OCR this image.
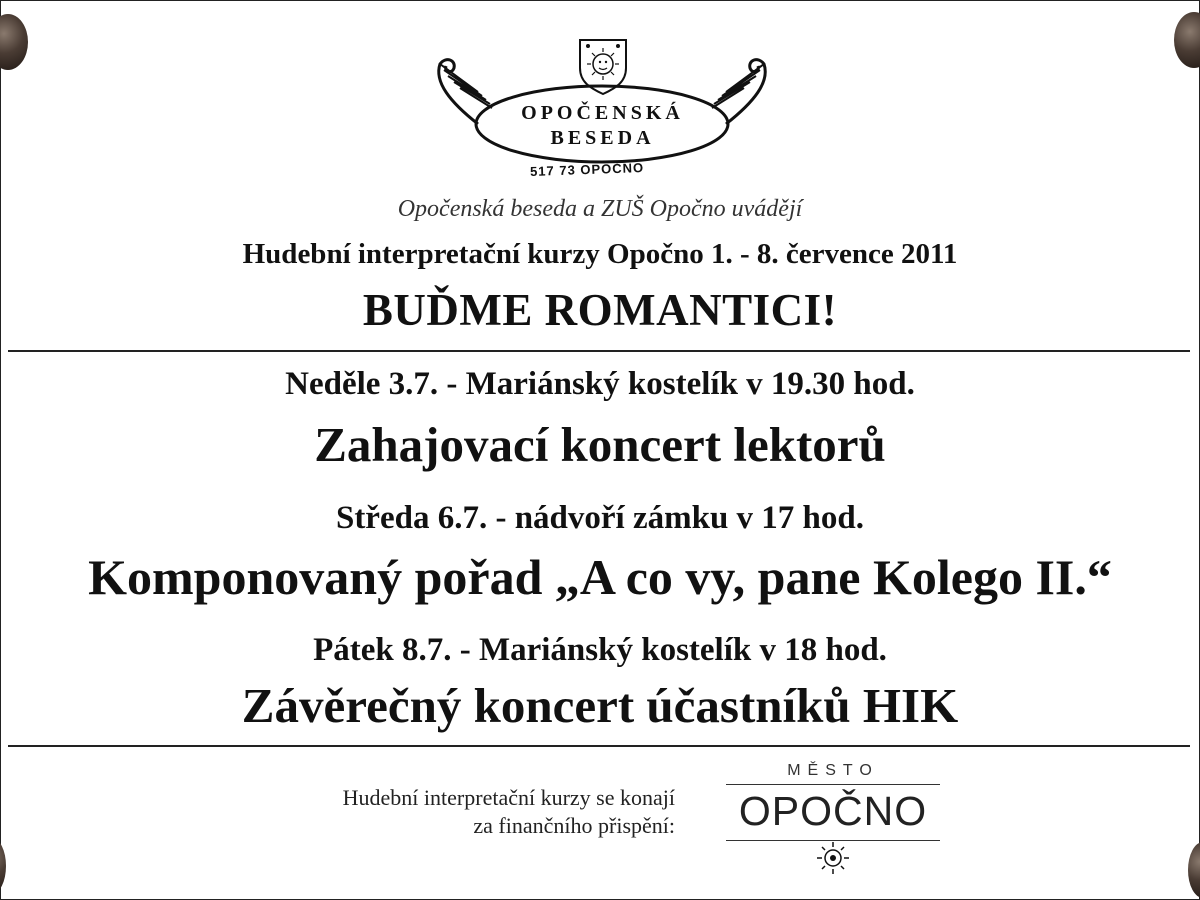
OPOČENSKÁ
BESEDA
517 73 OPOČNO
Opočenská beseda a ZUŠ Opočno uvádějí
Hudební interpretační kurzy Opočno 1. - 8. července 2011
BUĎME ROMANTICI!
Neděle 3.7. - Mariánský kostelík v 19.30 hod.
Zahajovací koncert lektorů
Středa 6.7. - nádvoří zámku v 17 hod.
Komponovaný pořad „A co vy, pane Kolego II.“
Pátek 8.7. - Mariánský kostelík v 18 hod.
Závěrečný koncert účastníků HIK
Hudební interpretační kurzy se konají
za finančního přispění:
MĚSTO
OPOČNO
